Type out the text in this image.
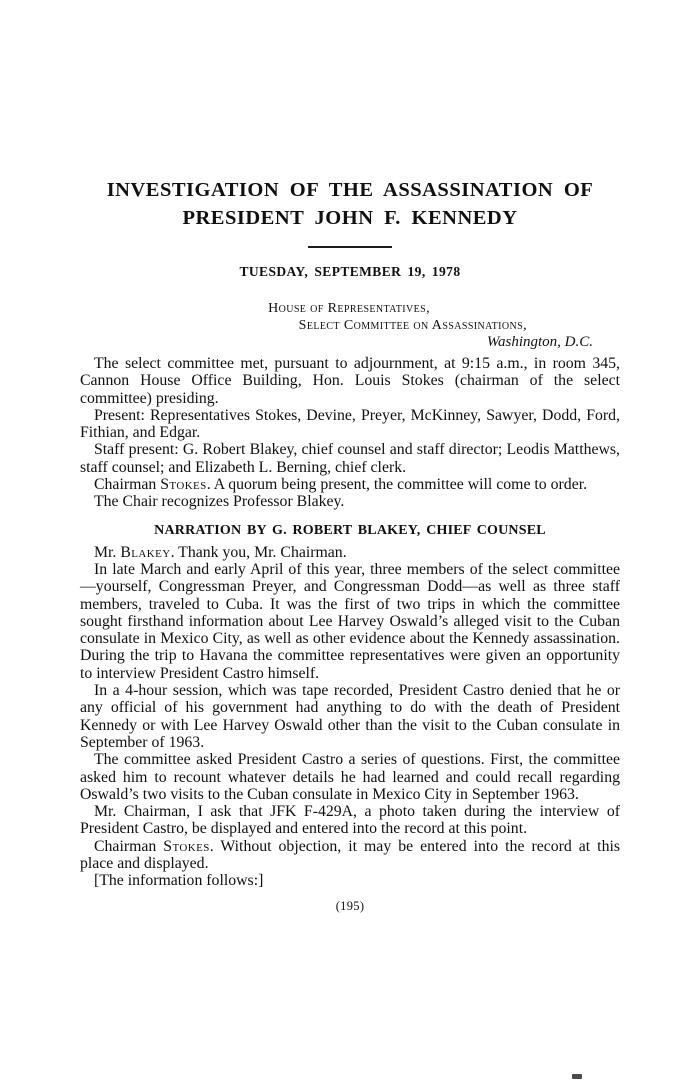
INVESTIGATION OF THE ASSASSINATION OF
PRESIDENT JOHN F. KENNEDY
TUESDAY, SEPTEMBER 19, 1978
House of Representatives,
Select Committee on Assassinations,
Washington, D.C.

The select committee met, pursuant to adjournment, at 9:15 a.m., in room 345, Cannon House Office Building, Hon. Louis Stokes (chairman of the select committee) presiding.

Present: Representatives Stokes, Devine, Preyer, McKinney, Sawyer, Dodd, Ford, Fithian, and Edgar.

Staff present: G. Robert Blakey, chief counsel and staff director; Leodis Matthews, staff counsel; and Elizabeth L. Berning, chief clerk.

Chairman Stokes. A quorum being present, the committee will come to order.

The Chair recognizes Professor Blakey.

NARRATION BY G. ROBERT BLAKEY, CHIEF COUNSEL

Mr. Blakey. Thank you, Mr. Chairman.

In late March and early April of this year, three members of the select committee—yourself, Congressman Preyer, and Congressman Dodd—as well as three staff members, traveled to Cuba. It was the first of two trips in which the committee sought firsthand information about Lee Harvey Oswald’s alleged visit to the Cuban consulate in Mexico City, as well as other evidence about the Kennedy assassination. During the trip to Havana the committee representatives were given an opportunity to interview President Castro himself.

In a 4-hour session, which was tape recorded, President Castro denied that he or any official of his government had anything to do with the death of President Kennedy or with Lee Harvey Oswald other than the visit to the Cuban consulate in September of 1963.

The committee asked President Castro a series of questions. First, the committee asked him to recount whatever details he had learned and could recall regarding Oswald’s two visits to the Cuban consulate in Mexico City in September 1963.

Mr. Chairman, I ask that JFK F-429A, a photo taken during the interview of President Castro, be displayed and entered into the record at this point.

Chairman Stokes. Without objection, it may be entered into the record at this place and displayed.

[The information follows:]

(195)
